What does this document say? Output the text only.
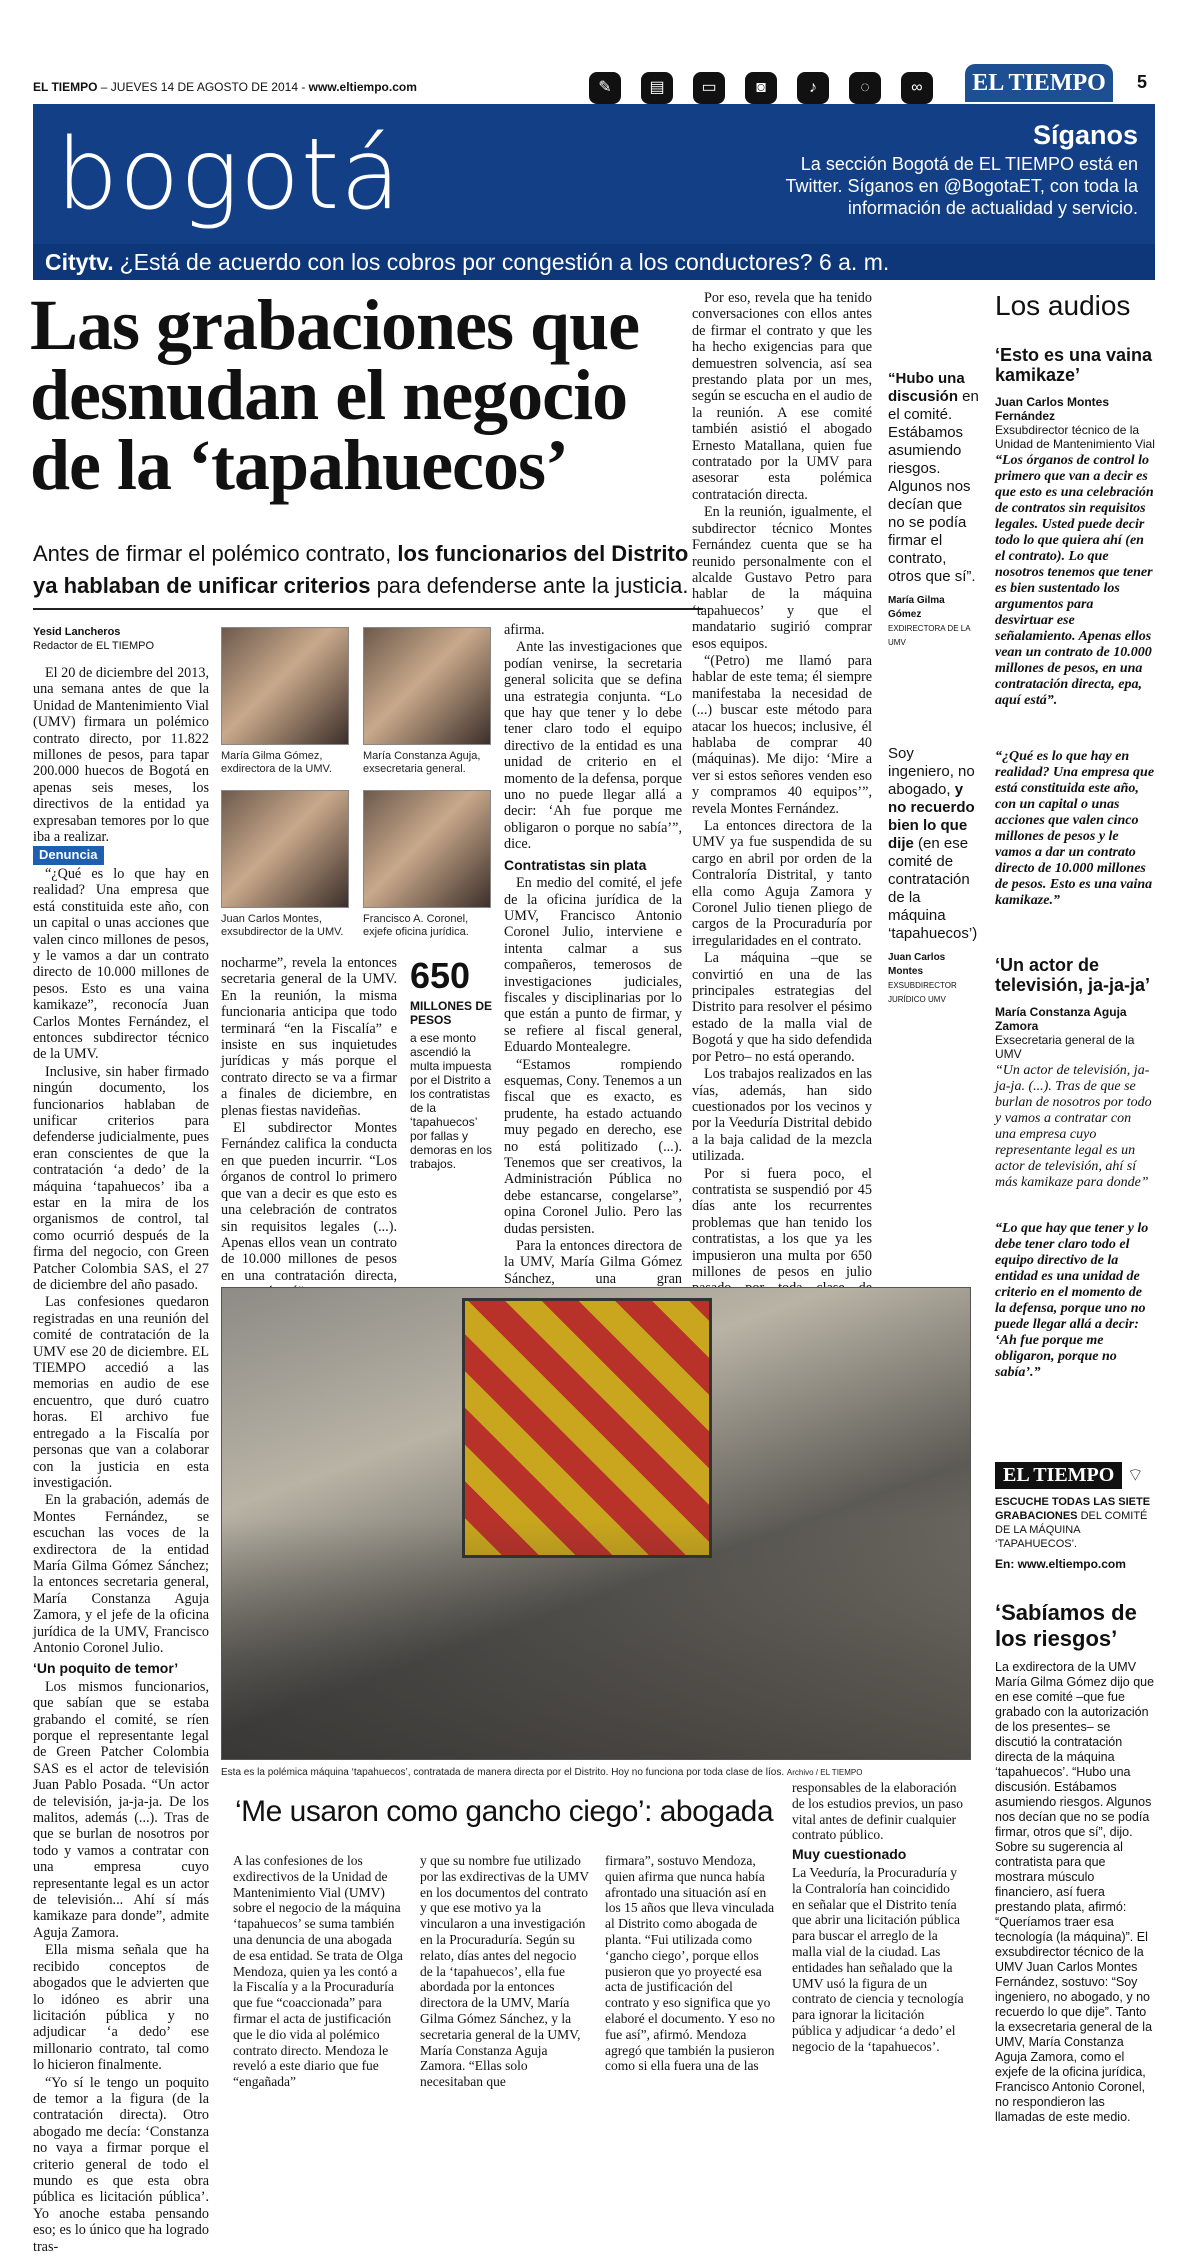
EL TIEMPO – JUEVES 14 DE AGOSTO DE 2014 - www.eltiempo.com	✎	▤	▭	◙	♪	◌	∞	EL TIEMPO	5
bogotá	Síganos
La sección Bogotá de EL TIEMPO está en Twitter. Síganos en @BogotaET, con toda la información de actualidad y servicio.
Citytv. ¿Está de acuerdo con los cobros por congestión a los conductores? 6 a. m.
Las grabaciones que desnudan el negocio de la ‘tapahuecos’
Antes de firmar el polémico contrato, los funcionarios del Distrito ya hablaban de unificar criterios para defenderse ante la justicia.
Yesid Lancheros
Redactor de EL TIEMPO

El 20 de diciembre del 2013, una semana antes de que la Unidad de Mantenimiento Vial (UMV) firmara un polémico contrato directo, por 11.822 millones de pesos, para tapar 200.000 huecos de Bogotá en apenas seis meses, los directivos de la entidad ya expresaban temores por lo que iba a realizar.

Denuncia

“¿Qué es lo que hay en realidad? Una empresa que está constituida este año, con un capital o unas acciones que valen cinco millones de pesos, y le vamos a dar un contrato directo de 10.000 millones de pesos. Esto es una vaina kamikaze”, reconocía Juan Carlos Montes Fernández, el entonces subdirector técnico de la UMV.

Inclusive, sin haber firmado ningún documento, los funcionarios hablaban de unificar criterios para defenderse judicialmente, pues eran conscientes de que la contratación ‘a dedo’ de la máquina ‘tapahuecos’ iba a estar en la mira de los organismos de control, tal como ocurrió después de la firma del negocio, con Green Patcher Colombia SAS, el 27 de diciembre del año pasado.

Las confesiones quedaron registradas en una reunión del comité de contratación de la UMV ese 20 de diciembre. EL TIEMPO accedió a las memorias en audio de ese encuentro, que duró cuatro horas. El archivo fue entregado a la Fiscalía por personas que van a colaborar con la justicia en esta investigación.

En la grabación, además de Montes Fernández, se escuchan las voces de la exdirectora de la entidad María Gilma Gómez Sánchez; la entonces secretaria general, María Constanza Aguja Zamora, y el jefe de la oficina jurídica de la UMV, Francisco Antonio Coronel Julio.

‘Un poquito de temor’

Los mismos funcionarios, que sabían que se estaba grabando el comité, se ríen porque el representante legal de Green Patcher Colombia SAS es el actor de televisión Juan Pablo Posada. “Un actor de televisión, ja-ja-ja. De los malitos, además (...). Tras de que se burlan de nosotros por todo y vamos a contratar con una empresa cuyo representante legal es un actor de televisión... Ahí sí más kamikaze para donde”, admite Aguja Zamora.

Ella misma señala que ha recibido conceptos de abogados que le advierten que lo idóneo es abrir una licitación pública y no adjudicar ‘a dedo’ ese millonario contrato, tal como lo hicieron finalmente.

“Yo sí le tengo un poquito de temor a la figura (de la contratación directa). Otro abogado me decía: ‘Constanza no vaya a firmar porque el criterio general de todo el mundo es que esta obra pública es licitación pública’. Yo anoche estaba pensando eso; es lo único que ha logrado tras-

María Gilma Gómez, exdirectora de la UMV.
María Constanza Aguja, exsecretaria general.
Juan Carlos Montes, exsubdirector de la UMV.
Francisco A. Coronel, exjefe oficina jurídica.

nocharme”, revela la entonces secretaria general de la UMV. En la reunión, la misma funcionaria anticipa que todo terminará “en la Fiscalía” e insiste en sus inquietudes jurídicas y más porque el contrato directo se va a firmar a finales de diciembre, en plenas fiestas navideñas.

El subdirector Montes Fernández califica la conducta en que pueden incurrir. “Los órganos de control lo primero que van a decir es que esto es una celebración de contratos sin requisitos legales (...). Apenas ellos vean un contrato de 10.000 millones de pesos en una contratación directa,

650
MILLONES DE PESOS
a ese monto ascendió la multa impuesta por el Distrito a los contratistas de la ‘tapahuecos’ por fallas y demoras en los trabajos.

afirma.

Ante las investigaciones que podían venirse, la secretaria general solicita que se defina una estrategia conjunta. “Lo que hay que tener y lo debe tener claro todo el equipo directivo de la entidad es una unidad de criterio en el momento de la defensa, porque uno no puede llegar allá a decir: ‘Ah fue porque me obligaron o porque no sabía’”, dice.

Contratistas sin plata

En medio del comité, el jefe de la oficina jurídica de la UMV, Francisco Antonio Coronel Julio, interviene e intenta calmar a sus compañeros, temerosos de investigaciones judiciales, fiscales y disciplinarias por lo que están a punto de firmar, y se refiere al fiscal general, Eduardo Montealegre.

“Estamos rompiendo esquemas, Cony. Tenemos a un fiscal que es exacto, es prudente, ha estado actuando muy pegado en derecho, ese no está politizado (...). Tenemos que ser creativos, la Administración Pública no debe estancarse, congelarse”, opina Coronel Julio. Pero las dudas persisten.

Para la entonces directora de la UMV, María Gilma Gómez Sánchez, una gran

Por eso, revela que ha tenido conversaciones con ellos antes de firmar el contrato y que les ha hecho exigencias para que demuestren solvencia, así sea prestando plata por un mes, según se escucha en el audio de la reunión. A ese comité también asistió el abogado Ernesto Matallana, quien fue contratado por la UMV para asesorar esta polémica contratación directa.

En la reunión, igualmente, el subdirector técnico Montes Fernández cuenta que se ha reunido personalmente con el alcalde Gustavo Petro para hablar de la máquina ‘tapahuecos’ y que el mandatario sugirió comprar esos equipos.

“(Petro) me llamó para hablar de este tema; él siempre manifestaba la necesidad de (...) buscar este método para atacar los huecos; inclusive, él hablaba de comprar 40 (máquinas). Me dijo: ‘Mire a ver si estos señores venden eso y compramos 40 equipos’”, revela Montes Fernández.

La entonces directora de la UMV ya fue suspendida de su cargo en abril por orden de la Contraloría Distrital, y tanto ella como Aguja Zamora y Coronel Julio tienen pliego de cargos de la Procuraduría por irregularidades en el contrato.

La máquina –que se convirtió en una de las principales estrategias del Distrito para resolver el pésimo estado de la malla vial de Bogotá y que ha sido defendida por Petro– no está operando.

Los trabajos realizados en las vías, además, han sido cuestionados por los vecinos y por la Veeduría Distrital debido a la baja calidad de la mezcla utilizada.

Por si fuera poco, el contratista se suspendió por 45 días ante los recurrentes problemas que han tenido los contratistas, a los que ya les impusieron una multa por 650 millones de pesos en julio

“Hubo una discusión en el comité. Estábamos asumiendo riesgos. Algunos nos decían que no se podía firmar el contrato, otros que sí”.
María Gilma Gómez
EXDIRECTORA DE LA UMV
Soy ingeniero, no abogado, y no recuerdo bien lo que dije (en ese comité de contratación de la máquina ‘tapahuecos’)
Juan Carlos Montes
EXSUBDIRECTOR JURÍDICO UMV
Esta es la polémica máquina ‘tapahuecos’, contratada de manera directa por el Distrito. Hoy no funciona por toda clase de líos. Archivo / EL TIEMPO
‘Me usaron como gancho ciego’: abogada
A las confesiones de los exdirectivos de la Unidad de Mantenimiento Vial (UMV) sobre el negocio de la máquina ‘tapahuecos’ se suma también una denuncia de una abogada de esa entidad. Se trata de Olga Mendoza, quien ya les contó a la Fiscalía y a la Procuraduría que fue “coaccionada” para firmar el acta de justificación que le dio vida al polémico contrato directo. Mendoza le reveló a este diario que fue “engañada”
y que su nombre fue utilizado por las exdirectivas de la UMV en los documentos del contrato y que ese motivo ya la vincularon a una investigación en la Procuraduría. Según su relato, días antes del negocio de la ‘tapahuecos’, ella fue abordada por la entonces directora de la UMV, María Gilma Gómez Sánchez, y la secretaria general de la UMV, María Constanza Aguja Zamora. “Ellas solo necesitaban que
firmara”, sostuvo Mendoza, quien afirma que nunca había afrontado una situación así en los 15 años que lleva vinculada al Distrito como abogada de planta. “Fui utilizada como ‘gancho ciego’, porque ellos pusieron que yo proyecté esa acta de justificación del contrato y eso significa que yo elaboré el documento. Y eso no fue así”, afirmó. Mendoza agregó que también la pusieron como si ella fuera una de las

responsables de la elaboración de los estudios previos, un paso vital antes de definir cualquier contrato público.

Muy cuestionado

La Veeduría, la Procuraduría y la Contraloría han coincidido en señalar que el Distrito tenía que abrir una licitación pública para buscar el arreglo de la malla vial de la ciudad. Las entidades han señalado que la UMV usó la figura de un contrato de ciencia y tecnología para ignorar la licitación pública y adjudicar ‘a dedo’ el negocio de la ‘tapahuecos’.

Los audios
‘Esto es una vaina kamikaze’
Juan Carlos Montes Fernández
Exsubdirector técnico de la Unidad de Mantenimiento Vial
“Los órganos de control lo primero que van a decir es que esto es una celebración de contratos sin requisitos legales. Usted puede decir todo lo que quiera ahí (en el contrato). Lo que nosotros tenemos que tener es bien sustentado los argumentos para desvirtuar ese señalamiento. Apenas ellos vean un contrato de 10.000 millones de pesos, en una contratación directa, epa, aquí está”.
“¿Qué es lo que hay en realidad? Una empresa que está constituida este año, con un capital o unas acciones que valen cinco millones de pesos y le vamos a dar un contrato directo de 10.000 millones de pesos. Esto es una vaina kamikaze.”
‘Un actor de televisión, ja-ja-ja’
María Constanza Aguja Zamora
Exsecretaria general de la UMV
“Un actor de televisión, ja-ja-ja. (...). Tras de que se burlan de nosotros por todo y vamos a contratar con una empresa cuyo representante legal es un actor de televisión, ahí sí más kamikaze para donde”
“Lo que hay que tener y lo debe tener claro todo el equipo directivo de la entidad es una unidad de criterio en el momento de la defensa, porque uno no puede llegar allá a decir: ‘Ah fue porque me obligaron, porque no sabía’.”
EL TIEMPO ⌔
ESCUCHE TODAS LAS SIETE GRABACIONES DEL COMITÉ DE LA MÁQUINA ‘TAPAHUECOS’.
En: www.eltiempo.com
‘Sabíamos de los riesgos’
La exdirectora de la UMV María Gilma Gómez dijo que en ese comité –que fue grabado con la autorización de los presentes– se discutió la contratación directa de la máquina ‘tapahuecos’. “Hubo una discusión. Estábamos asumiendo riesgos. Algunos nos decían que no se podía firmar, otros que sí”, dijo. Sobre su sugerencia al contratista para que mostrara músculo financiero, así fuera prestando plata, afirmó: “Queríamos traer esa tecnología (la máquina)”. El exsubdirector técnico de la UMV Juan Carlos Montes Fernández, sostuvo: “Soy ingeniero, no abogado, y no recuerdo lo que dije”. Tanto la exsecretaria general de la UMV, María Constanza Aguja Zamora, como el exjefe de la oficina jurídica, Francisco Antonio Coronel, no respondieron las llamadas de este medio.
